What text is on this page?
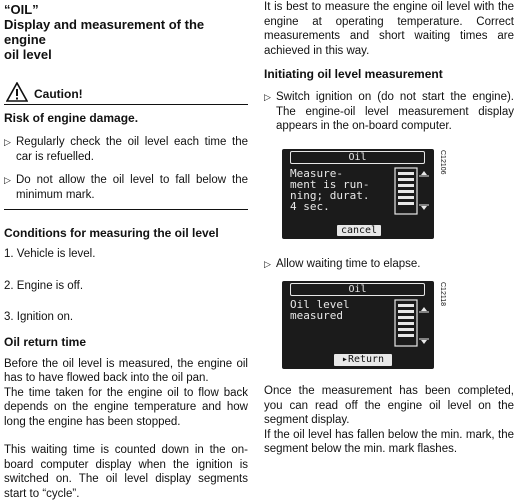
“OIL”
Display and measurement of the engine
oil level
Caution!
Risk of engine damage.
▷ Regularly check the oil level each time the car is refuelled.
▷ Do not allow the oil level to fall below the minimum mark.
Conditions for measuring the oil level

1. Vehicle is level.

2. Engine is off.

3. Ignition on.

Oil return time

Before the oil level is measured, the engine oil has to have flowed back into the oil pan.

The time taken for the engine oil to flow back depends on the engine temperature and how long the engine has been stopped.

This waiting time is counted down in the on-board computer display when the ignition is switched on. The oil level display segments start to “cycle”.

It is best to measure the engine oil level with the engine at operating temperature. Correct measurements and short waiting times are achieved in this way.

Initiating oil level measurement
▷ Switch ignition on (do not start the engine). The engine-oil level measurement display appears in the on-board computer.
Oil
Measure-
ment is run-
ning; durat.
4 sec.
cancel
C12106
▷ Allow waiting time to elapse.
Oil
Oil level
measured
▸Return
C12118

Once the measurement has been completed, you can read off the engine oil level on the segment display.

If the oil level has fallen below the min. mark, the segment below the min. mark flashes.
